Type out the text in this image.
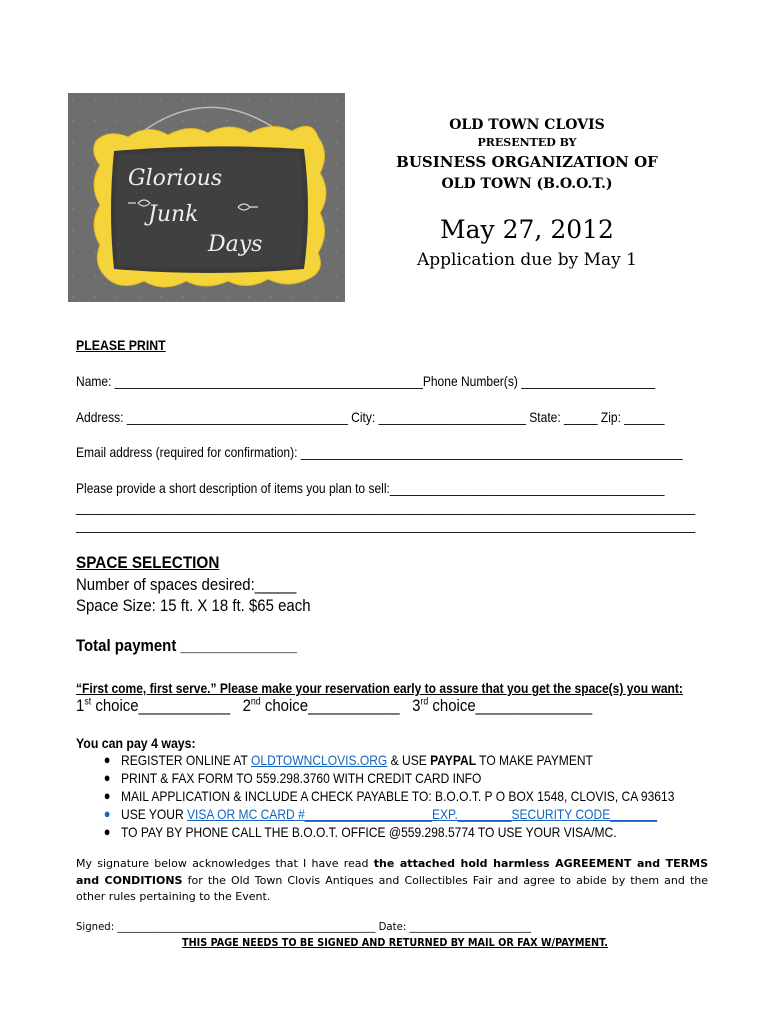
Glorious
Junk
Days
OLD TOWN CLOVIS
PRESENTED BY
BUSINESS ORGANIZATION OF
OLD TOWN (B.O.O.T.)
May 27, 2012
Application due by May 1
PLEASE PRINT
Name: ______________________________________________Phone Number(s) ____________________
Address: _________________________________ City: ______________________ State: _____ Zip: ______
Email address (required for confirmation): _________________________________________________________
Please provide a short description of items you plan to sell:_________________________________________
_____________________________________________________________________________________________
_____________________________________________________________________________________________
SPACE SELECTION
Number of spaces desired:_____
Space Size: 15 ft. X 18 ft. $65 each
Total payment ______________
“First come, first serve.” Please make your reservation early to assure that you get the space(s) you want:
1st choice___________ 2nd choice___________ 3rd choice______________
You can pay 4 ways:
● REGISTER ONLINE AT OLDTOWNCLOVIS.ORG & USE PAYPAL TO MAKE PAYMENT
● PRINT & FAX FORM TO 559.298.3760 WITH CREDIT CARD INFO
● MAIL APPLICATION & INCLUDE A CHECK PAYABLE TO: B.O.O.T. P O BOX 1548, CLOVIS, CA 93613
● USE YOUR VISA OR MC CARD #___________________EXP.________SECURITY CODE_______
● TO PAY BY PHONE CALL THE B.O.O.T. OFFICE @559.298.5774 TO USE YOUR VISA/MC.
My signature below acknowledges that I have read the attached hold harmless AGREEMENT and TERMS and CONDITIONS for the Old Town Clovis Antiques and Collectibles Fair and agree to abide by them and the other rules pertaining to the Event.
Signed: ___________________________________________________ Date: ________________________
THIS PAGE NEEDS TO BE SIGNED AND RETURNED BY MAIL OR FAX W/PAYMENT.
